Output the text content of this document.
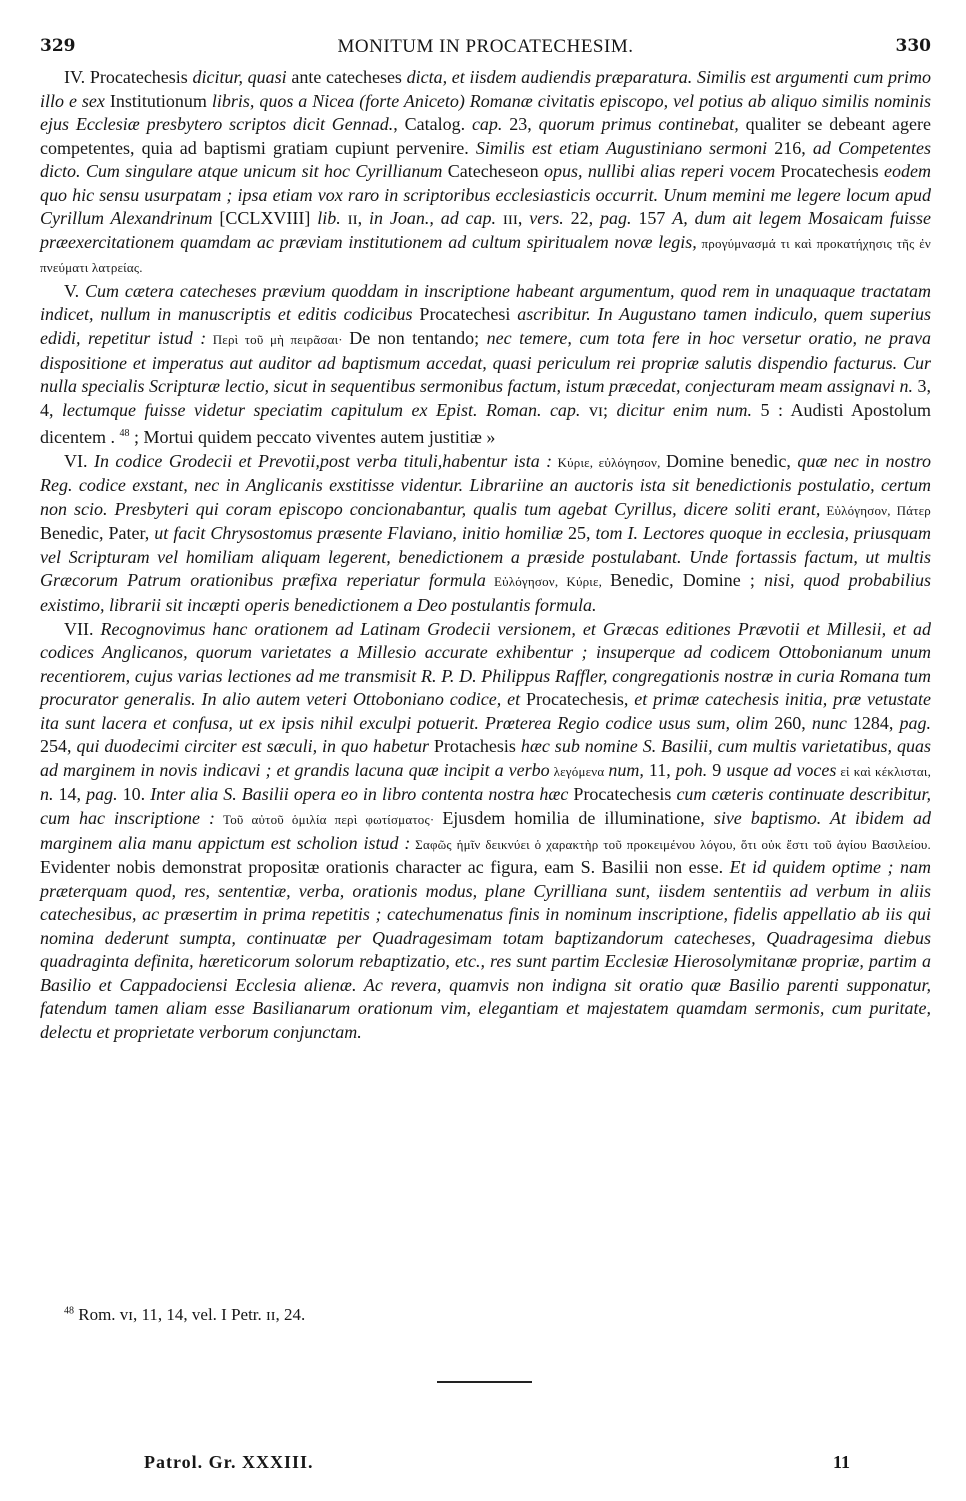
329	MONITUM IN PROCATECHESIM.	330

IV. Procatechesis dicitur, quasi ante catecheses dicta, et iisdem audiendis præparatura. Similis est argumenti cum primo illo e sex Institutionum libris, quos a Nicea (forte Aniceto) Romanæ civitatis episcopo, vel potius ab aliquo similis nominis ejus Ecclesiæ presbytero scriptos dicit Gennad., Catalog. cap. 23, quorum primus continebat, qualiter se debeant agere competentes, quia ad baptismi gratiam cupiunt pervenire. Similis est etiam Augustiniano sermoni 216, ad Competentes dicto. Cum singulare atque unicum sit hoc Cyrillianum Catecheseon opus, nullibi alias reperi vocem Procatechesis eodem quo hic sensu usurpatam ; ipsa etiam vox raro in scriptoribus ecclesiasticis occurrit. Unum memini me legere locum apud Cyrillum Alexandrinum [CCLXVIII] lib. ɪɪ, in Joan., ad cap. ɪɪɪ, vers. 22, pag. 157 A, dum ait legem Mosaicam fuisse præexercitationem quamdam ac præviam institutionem ad cultum spiritualem novæ legis, προγύμνασμά τι καὶ προκατήχησις τῆς ἐν πνεύματι λατρείας.

V. Cum cætera catecheses prævium quoddam in inscriptione habeant argumentum, quod rem in unaquaque tractatam indicet, nullum in manuscriptis et editis codicibus Procatechesi ascribitur. In Augustano tamen indiculo, quem superius edidi, repetitur istud : Περὶ τοῦ μὴ πειρᾶσαι· De non tentando; nec temere, cum tota fere in hoc versetur oratio, ne prava dispositione et imperatus aut auditor ad baptismum accedat, quasi periculum rei propriæ salutis dispendio facturus. Cur nulla specialis Scripturæ lectio, sicut in sequentibus sermonibus factum, istum præcedat, conjecturam meam assignavi n. 3, 4, lectumque fuisse videtur speciatim capitulum ex Epist. Roman. cap. ᴠɪ; dicitur enim num. 5 : Audisti Apostolum dicentem . $^{48}$ ; Mortui quidem peccato viventes autem justitiæ »

VI. In codice Grodecii et Prevotii,post verba tituli,habentur ista : Κύριε, εὐλόγησον, Domine benedic, quæ nec in nostro Reg. codice exstant, nec in Anglicanis exstitisse videntur. Librariine an auctoris ista sit benedictionis postulatio, certum non scio. Presbyteri qui coram episcopo concionabantur, qualis tum agebat Cyrillus, dicere soliti erant, Εὐλόγησον, Πάτερ Benedic, Pater, ut facit Chrysostomus præsente Flaviano, initio homiliæ 25, tom I. Lectores quoque in ecclesia, priusquam vel Scripturam vel homiliam aliquam legerent, benedictionem a præside postulabant. Unde fortassis factum, ut multis Græcorum Patrum orationibus præfixa reperiatur formula Εὐλόγησον, Κύριε, Benedic, Domine ; nisi, quod probabilius existimo, librarii sit incæpti operis benedictionem a Deo postulantis formula.

VII. Recognovimus hanc orationem ad Latinam Grodecii versionem, et Græcas editiones Prævotii et Millesii, et ad codices Anglicanos, quorum varietates a Millesio accurate exhibentur ; insuperque ad codicem Ottobonianum unum recentiorem, cujus varias lectiones ad me transmisit R. P. D. Philippus Raffler, congregationis nostræ in curia Romana tum procurator generalis. In alio autem veteri Ottoboniano codice, et Procatechesis, et primæ catechesis initia, præ vetustate ita sunt lacera et confusa, ut ex ipsis nihil exculpi potuerit. Prœterea Regio codice usus sum, olim 260, nunc 1284, pag. 254, qui duodecimi circiter est sæculi, in quo habetur Protachesis hæc sub nomine S. Basilii, cum multis varietatibus, quas ad marginem in novis indicavi ; et grandis lacuna quæ incipit a verbo λεγόμενα num, 11, poh. 9 usque ad voces εἰ καὶ κέκλισται, n. 14, pag. 10. Inter alia S. Basilii opera eo in libro contenta nostra hæc Procatechesis cum cæteris continuate describitur, cum hac inscriptione : Τοῦ αὐτοῦ ὁμιλία περὶ φωτίσματος· Ejusdem homilia de illuminatione, sive baptismo. At ibidem ad marginem alia manu appictum est scholion istud : Σαφῶς ἡμῖν δεικνύει ὁ χαρακτὴρ τοῦ προκειμένου λόγου, ὅτι οὐκ ἔστι τοῦ ἁγίου Βασιλείου. Evidenter nobis demonstrat propositæ orationis character ac figura, eam S. Basilii non esse. Et id quidem optime ; nam præterquam quod, res, sententiæ, verba, orationis modus, plane Cyrilliana sunt, iisdem sententiis ad verbum in aliis catechesibus, ac præsertim in prima repetitis ; catechumenatus finis in nominum inscriptione, fidelis appellatio ab iis qui nomina dederunt sumpta, continuatæ per Quadragesimam totam baptizandorum catecheses, Quadragesima diebus quadraginta definita, hæreticorum solorum rebaptizatio, etc., res sunt partim Ecclesiæ Hierosolymitanæ propriæ, partim a Basilio et Cappadociensi Ecclesia alienæ. Ac revera, quamvis non indigna sit oratio quæ Basilio parenti supponatur, fatendum tamen aliam esse Basilianarum orationum vim, elegantiam et majestatem quamdam sermonis, cum puritate, delectu et proprietate verborum conjunctam.

$^{48}$ Rom. ᴠɪ, 11, 14, vel. I Petr. ɪɪ, 24.
Patrol. Gr. XXXIII.	11
